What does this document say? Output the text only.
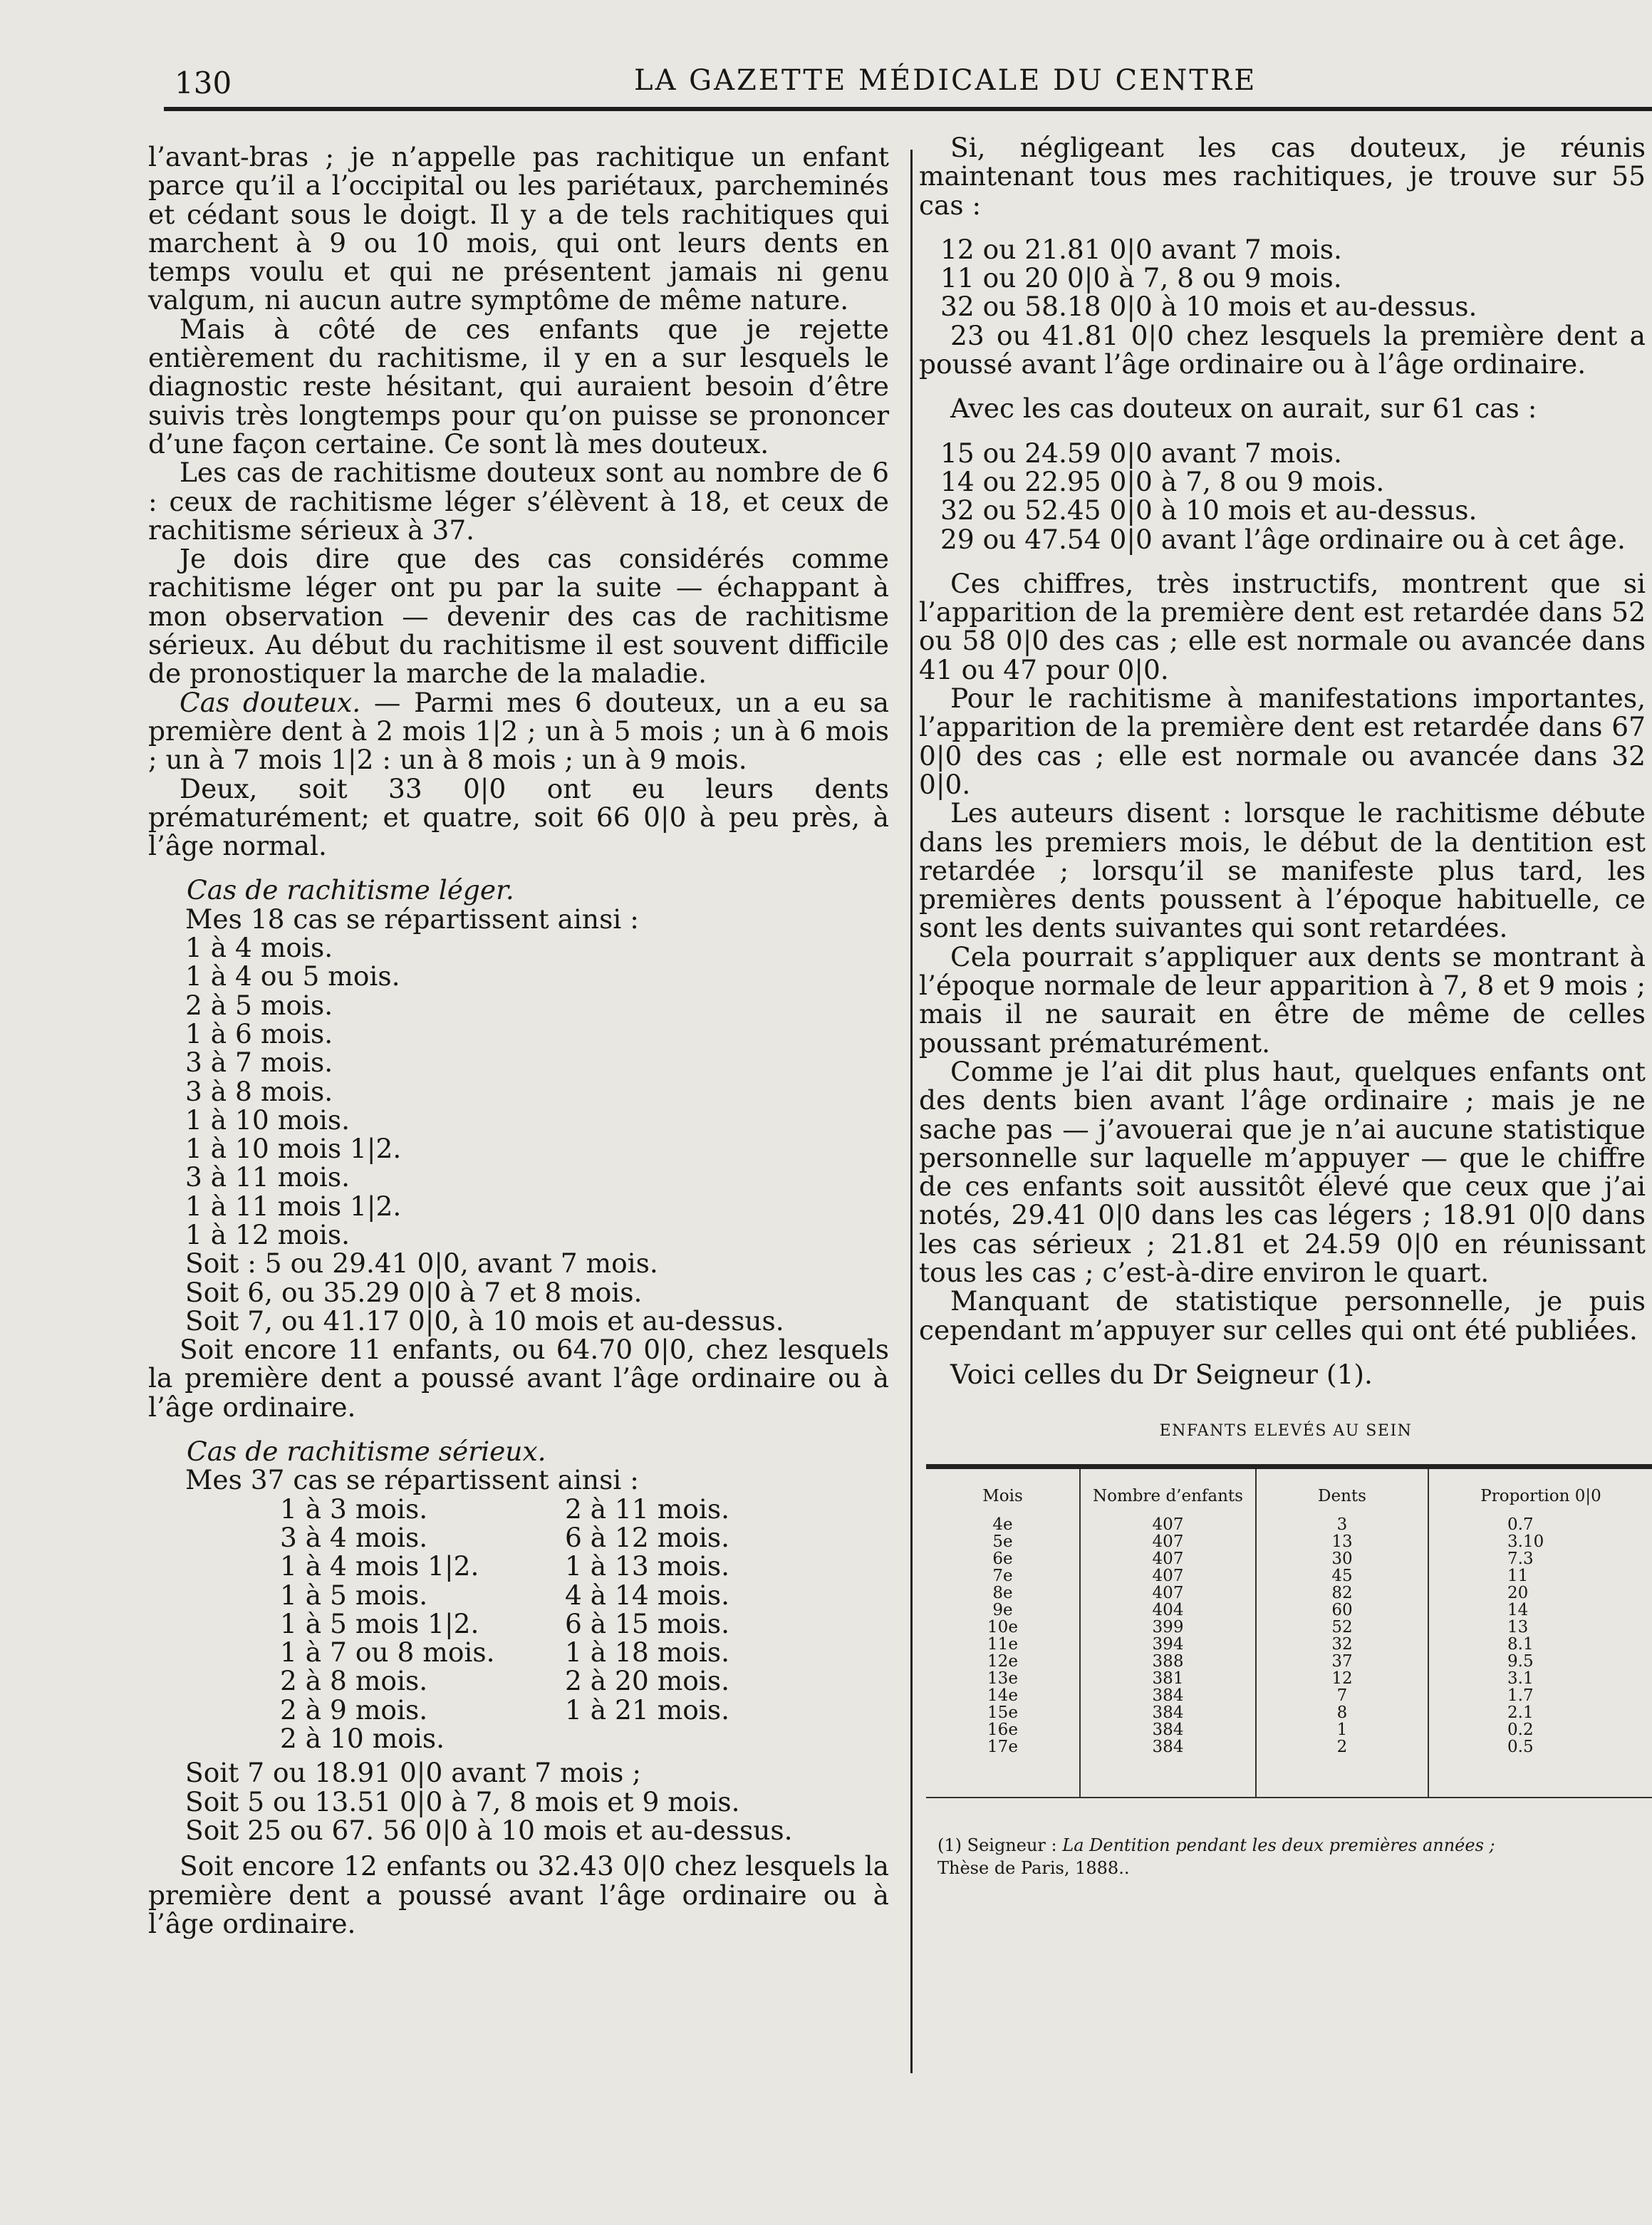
130	LA GAZETTE MÉDICALE DU CENTRE

l’avant-bras ; je n’appelle pas rachitique un enfant parce qu’il a l’occipital ou les pariétaux, parcheminés et cédant sous le doigt. Il y a de tels rachitiques qui marchent à 9 ou 10 mois, qui ont leurs dents en temps voulu et qui ne présentent jamais ni genu valgum, ni aucun autre symptôme de même nature.

Mais à côté de ces enfants que je rejette entièrement du rachitisme, il y en a sur lesquels le diagnostic reste hésitant, qui auraient besoin d’être suivis très longtemps pour qu’on puisse se prononcer d’une façon certaine. Ce sont là mes douteux.

Les cas de rachitisme douteux sont au nombre de 6 : ceux de rachitisme léger s’élèvent à 18, et ceux de rachitisme sérieux à 37.

Je dois dire que des cas considérés comme rachitisme léger ont pu par la suite — échappant à mon observation — devenir des cas de rachitisme sérieux. Au début du rachitisme il est souvent difficile de pronostiquer la marche de la maladie.

Cas douteux. — Parmi mes 6 douteux, un a eu sa première dent à 2 mois 1|2 ; un à 5 mois ; un à 6 mois ; un à 7 mois 1|2 : un à 8 mois ; un à 9 mois.

Deux, soit 33 0|0 ont eu leurs dents prématurément; et quatre, soit 66 0|0 à peu près, à l’âge normal.

Cas de rachitisme léger.

Mes 18 cas se répartissent ainsi :

1 à 4 mois.

1 à 4 ou 5 mois.

2 à 5 mois.

1 à 6 mois.

3 à 7 mois.

3 à 8 mois.

1 à 10 mois.

1 à 10 mois 1|2.

3 à 11 mois.

1 à 11 mois 1|2.

1 à 12 mois.

Soit : 5 ou 29.41 0|0, avant 7 mois.

Soit 6, ou 35.29 0|0 à 7 et 8 mois.

Soit 7, ou 41.17 0|0, à 10 mois et au-dessus.

Soit encore 11 enfants, ou 64.70 0|0, chez lesquels la première dent a poussé avant l’âge ordinaire ou à l’âge ordinaire.

Cas de rachitisme sérieux.

Mes 37 cas se répartissent ainsi :

1 à 3 mois.	2 à 11 mois.
3 à 4 mois.	6 à 12 mois.
1 à 4 mois 1|2.	1 à 13 mois.
1 à 5 mois.	4 à 14 mois.
1 à 5 mois 1|2.	6 à 15 mois.
1 à 7 ou 8 mois.	1 à 18 mois.
2 à 8 mois.	2 à 20 mois.
2 à 9 mois.	1 à 21 mois.
2 à 10 mois.

Soit 7 ou 18.91 0|0 avant 7 mois ;

Soit 5 ou 13.51 0|0 à 7, 8 mois et 9 mois.

Soit 25 ou 67. 56 0|0 à 10 mois et au-dessus.

Soit encore 12 enfants ou 32.43 0|0 chez lesquels la première dent a poussé avant l’âge ordinaire ou à l’âge ordinaire.

Si, négligeant les cas douteux, je réunis maintenant tous mes rachitiques, je trouve sur 55 cas :

12 ou 21.81 0|0 avant 7 mois.

11 ou 20 0|0 à 7, 8 ou 9 mois.

32 ou 58.18 0|0 à 10 mois et au-dessus.

23 ou 41.81 0|0 chez lesquels la première dent a poussé avant l’âge ordinaire ou à l’âge ordinaire.

Avec les cas douteux on aurait, sur 61 cas :

15 ou 24.59 0|0 avant 7 mois.

14 ou 22.95 0|0 à 7, 8 ou 9 mois.

32 ou 52.45 0|0 à 10 mois et au-dessus.

29 ou 47.54 0|0 avant l’âge ordinaire ou à cet âge.

Ces chiffres, très instructifs, montrent que si l’apparition de la première dent est retardée dans 52 ou 58 0|0 des cas ; elle est normale ou avancée dans 41 ou 47 pour 0|0.

Pour le rachitisme à manifestations importantes, l’apparition de la première dent est retardée dans 67 0|0 des cas ; elle est normale ou avancée dans 32 0|0.

Les auteurs disent : lorsque le rachitisme débute dans les premiers mois, le début de la dentition est retardée ; lorsqu’il se manifeste plus tard, les premières dents poussent à l’époque habituelle, ce sont les dents suivantes qui sont retardées.

Cela pourrait s’appliquer aux dents se montrant à l’époque normale de leur apparition à 7, 8 et 9 mois ; mais il ne saurait en être de même de celles poussant prématurément.

Comme je l’ai dit plus haut, quelques enfants ont des dents bien avant l’âge ordinaire ; mais je ne sache pas — j’avouerai que je n’ai aucune statistique personnelle sur laquelle m’appuyer — que le chiffre de ces enfants soit aussitôt élevé que ceux que j’ai notés, 29.41 0|0 dans les cas légers ; 18.91 0|0 dans les cas sérieux ; 21.81 et 24.59 0|0 en réunissant tous les cas ; c’est-à-dire environ le quart.

Manquant de statistique personnelle, je puis cependant m’appuyer sur celles qui ont été publiées.

Voici celles du Dr Seigneur (1).

ENFANTS ELEVÉS AU SEIN
Mois	Nombre d’enfants	Dents	Proportion 0|0
4e	407	3	0.7
5e	407	13	3.10
6e	407	30	7.3
7e	407	45	11
8e	407	82	20
9e	404	60	14
10e	399	52	13
11e	394	32	8.1
12e	388	37	9.5
13e	381	12	3.1
14e	384	7	1.7
15e	384	8	2.1
16e	384	1	0.2
17e	384	2	0.5
(1) Seigneur : La Dentition pendant les deux premières années ;
Thèse de Paris, 1888..
